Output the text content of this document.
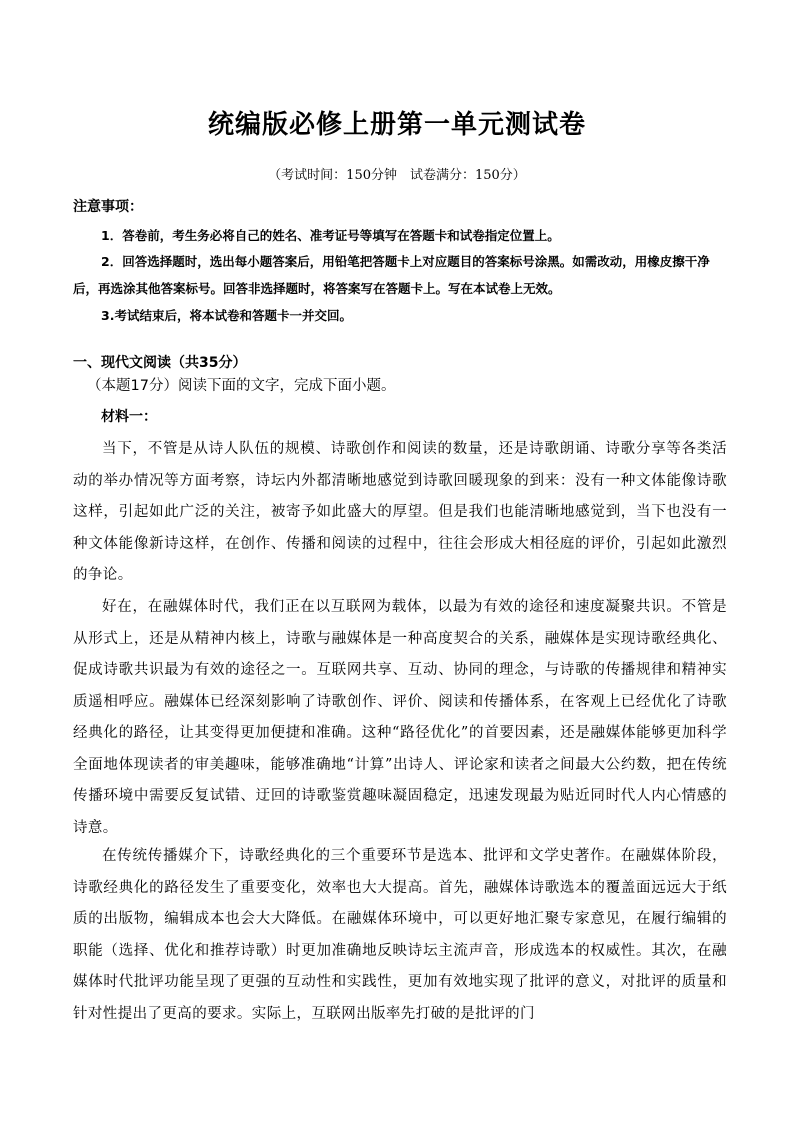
统编版必修上册第一单元测试卷
（考试时间：150分钟　试卷满分：150分）
注意事项：
1．答卷前，考生务必将自己的姓名、准考证号等填写在答题卡和试卷指定位置上。
2．回答选择题时，选出每小题答案后，用铅笔把答题卡上对应题目的答案标号涂黑。如需改动，用橡皮擦干净后，再选涂其他答案标号。回答非选择题时，将答案写在答题卡上。写在本试卷上无效。
3.考试结束后，将本试卷和答题卡一并交回。
一、现代文阅读（共35分）
（本题17分）阅读下面的文字，完成下面小题。
材料一：

当下，不管是从诗人队伍的规模、诗歌创作和阅读的数量，还是诗歌朗诵、诗歌分享等各类活动的举办情况等方面考察，诗坛内外都清晰地感觉到诗歌回暖现象的到来：没有一种文体能像诗歌这样，引起如此广泛的关注，被寄予如此盛大的厚望。但是我们也能清晰地感觉到，当下也没有一种文体能像新诗这样，在创作、传播和阅读的过程中，往往会形成大相径庭的评价，引起如此激烈的争论。

好在，在融媒体时代，我们正在以互联网为载体，以最为有效的途径和速度凝聚共识。不管是从形式上，还是从精神内核上，诗歌与融媒体是一种高度契合的关系，融媒体是实现诗歌经典化、促成诗歌共识最为有效的途径之一。互联网共享、互动、协同的理念，与诗歌的传播规律和精神实质遥相呼应。融媒体已经深刻影响了诗歌创作、评价、阅读和传播体系，在客观上已经优化了诗歌经典化的路径，让其变得更加便捷和准确。这种“路径优化”的首要因素，还是融媒体能够更加科学全面地体现读者的审美趣味，能够准确地“计算”出诗人、评论家和读者之间最大公约数，把在传统传播环境中需要反复试错、迂回的诗歌鉴赏趣味凝固稳定，迅速发现最为贴近同时代人内心情感的诗意。

在传统传播媒介下，诗歌经典化的三个重要环节是选本、批评和文学史著作。在融媒体阶段，诗歌经典化的路径发生了重要变化，效率也大大提高。首先，融媒体诗歌选本的覆盖面远远大于纸质的出版物，编辑成本也会大大降低。在融媒体环境中，可以更好地汇聚专家意见，在履行编辑的职能（选择、优化和推荐诗歌）时更加准确地反映诗坛主流声音，形成选本的权威性。其次，在融媒体时代批评功能呈现了更强的互动性和实践性，更加有效地实现了批评的意义，对批评的质量和针对性提出了更高的要求。实际上，互联网出版率先打破的是批评的门
